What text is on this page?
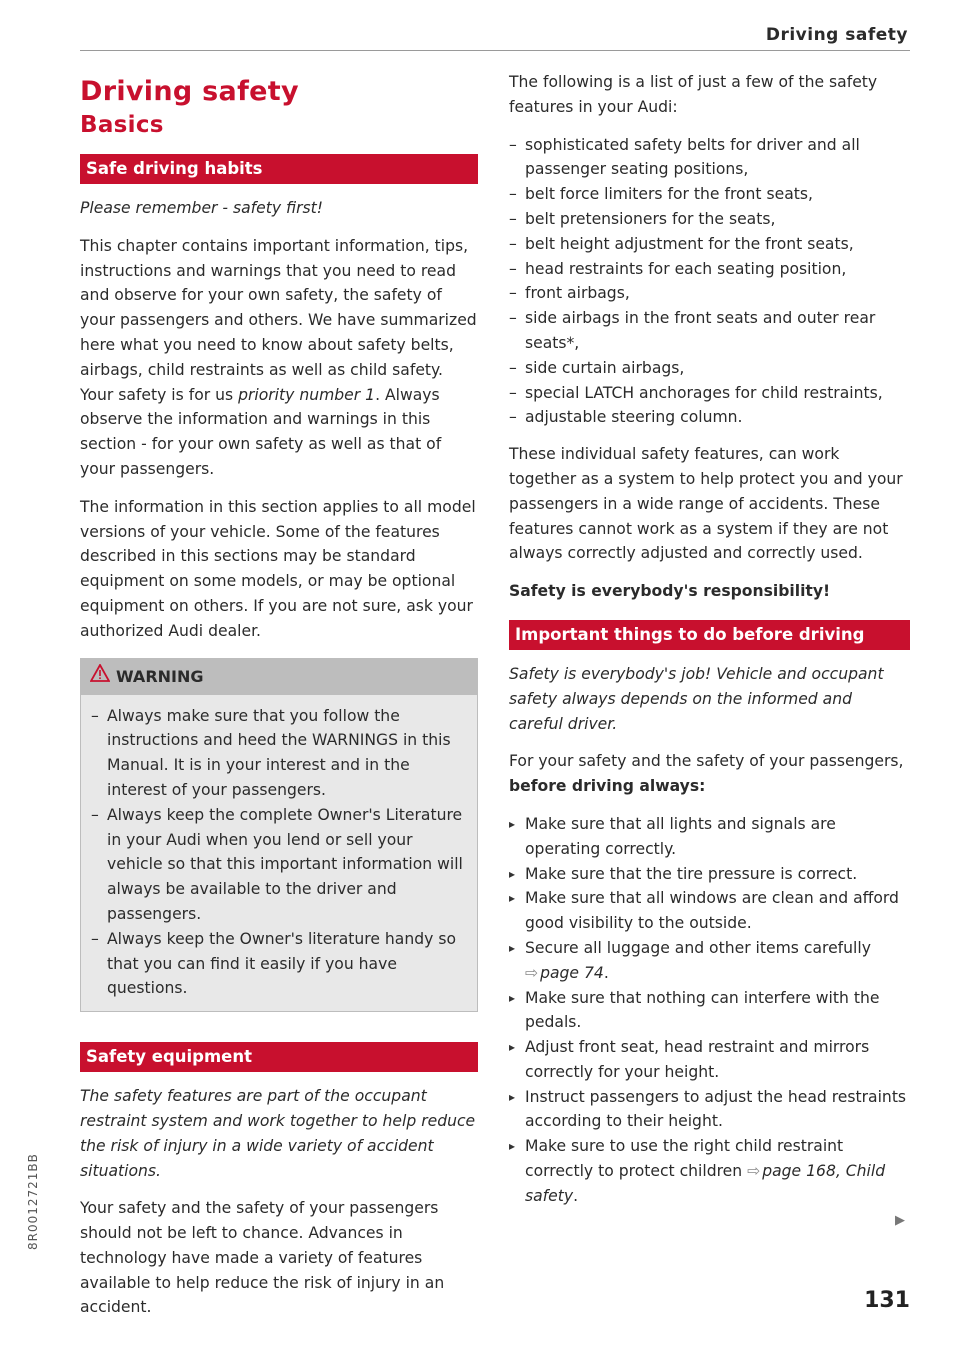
Driving safety
Driving safety
Basics
Safe driving habits

Please remember - safety first!

This chapter contains important information, tips, instructions and warnings that you need to read and observe for your own safety, the safety of your passengers and others. We have summarized here what you need to know about safety belts, airbags, child restraints as well as child safety. Your safety is for us priority number 1. Always observe the information and warnings in this section - for your own safety as well as that of your passengers.

The information in this section applies to all model versions of your vehicle. Some of the features described in this sections may be standard equipment on some models, or may be optional equipment on others. If you are not sure, ask your authorized Audi dealer.

WARNING
– Always make sure that you follow the instructions and heed the WARNINGS in this Manual. It is in your interest and in the interest of your passengers.
– Always keep the complete Owner's Literature in your Audi when you lend or sell your vehicle so that this important information will always be available to the driver and passengers.
– Always keep the Owner's literature handy so that you can find it easily if you have questions.
Safety equipment

The safety features are part of the occupant restraint system and work together to help reduce the risk of injury in a wide variety of accident situations.

Your safety and the safety of your passengers should not be left to chance. Advances in technology have made a variety of features available to help reduce the risk of injury in an accident.

The following is a list of just a few of the safety features in your Audi:

– sophisticated safety belts for driver and all passenger seating positions,
– belt force limiters for the front seats,
– belt pretensioners for the seats,
– belt height adjustment for the front seats,
– head restraints for each seating position,
– front airbags,
– side airbags in the front seats and outer rear seats*,
– side curtain airbags,
– special LATCH anchorages for child restraints,
– adjustable steering column.

These individual safety features, can work together as a system to help protect you and your passengers in a wide range of accidents. These features cannot work as a system if they are not always correctly adjusted and correctly used.

Safety is everybody's responsibility!

Important things to do before driving

Safety is everybody's job! Vehicle and occupant safety always depends on the informed and careful driver.

For your safety and the safety of your passengers, before driving always:

▸ Make sure that all lights and signals are operating correctly.
▸ Make sure that the tire pressure is correct.
▸ Make sure that all windows are clean and afford good visibility to the outside.
▸ Secure all luggage and other items carefully ⇨ page 74.
▸ Make sure that nothing can interfere with the pedals.
▸ Adjust front seat, head restraint and mirrors correctly for your height.
▸ Instruct passengers to adjust the head restraints according to their height.
▸ Make sure to use the right child restraint correctly to protect children ⇨ page 168, Child safety.
▶
131
8R0012721BB
